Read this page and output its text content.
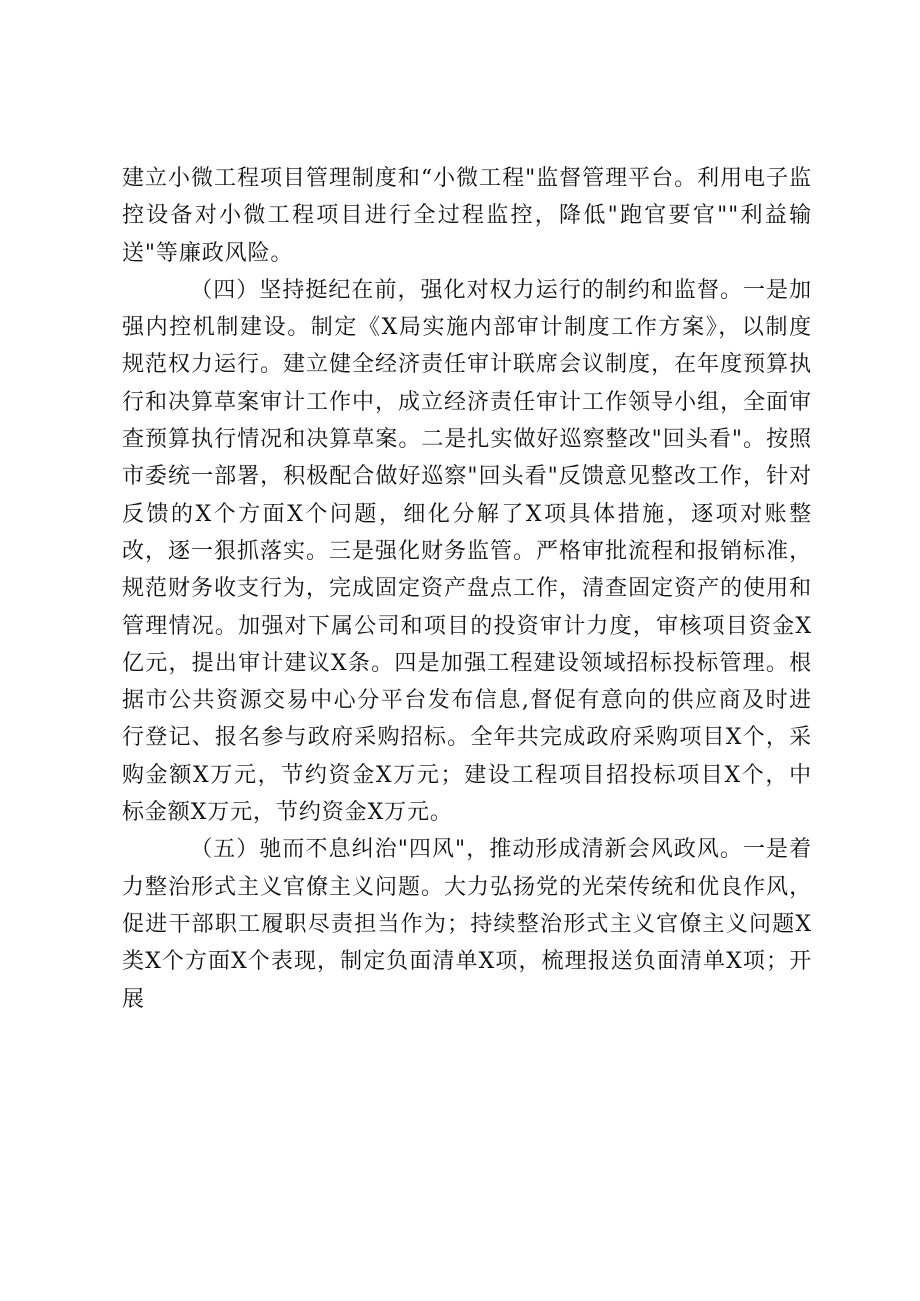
建立小微工程项目管理制度和“小微工程"监督管理平台。利用电子监控设备对小微工程项目进行全过程监控，降低"跑官要官""利益输送"等廉政风险。

（四）坚持挺纪在前，强化对权力运行的制约和监督。一是加强内控机制建设。制定《X局实施内部审计制度工作方案》，以制度规范权力运行。建立健全经济责任审计联席会议制度，在年度预算执行和决算草案审计工作中，成立经济责任审计工作领导小组，全面审查预算执行情况和决算草案。二是扎实做好巡察整改"回头看"。按照市委统一部署，积极配合做好巡察"回头看"反馈意见整改工作，针对反馈的X个方面X个问题，细化分解了X项具体措施，逐项对账整改，逐一狠抓落实。三是强化财务监管。严格审批流程和报销标准，规范财务收支行为，完成固定资产盘点工作，清查固定资产的使用和管理情况。加强对下属公司和项目的投资审计力度，审核项目资金X亿元，提出审计建议X条。四是加强工程建设领域招标投标管理。根据市公共资源交易中心分平台发布信息,督促有意向的供应商及时进行登记、报名参与政府采购招标。全年共完成政府采购项目X个，采购金额X万元，节约资金X万元；建设工程项目招投标项目X个，中标金额X万元，节约资金X万元。

（五）驰而不息纠治"四风"，推动形成清新会风政风。一是着力整治形式主义官僚主义问题。大力弘扬党的光荣传统和优良作风，促进干部职工履职尽责担当作为；持续整治形式主义官僚主义问题X类X个方面X个表现，制定负面清单X项，梳理报送负面清单X项；开展
